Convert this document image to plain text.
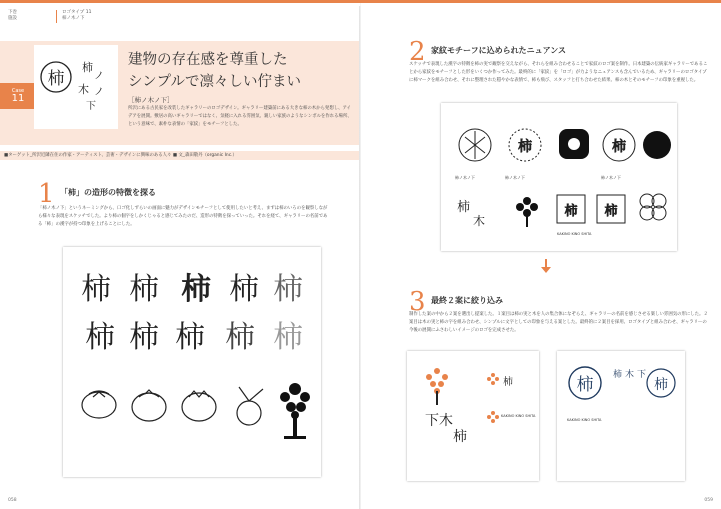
下巻
施設
ロゴタイプ 11
柿ノ木ノ下
Case
11
柿
柿
ノ
木 ノ
下
建物の存在感を尊重した
シンプルで凛々しい佇まい
［柿ノ木ノ下］
所沢にある古民家を改装したギャラリーのロゴデザイン。ギャラリー建築前にある大きな柿の木から発想し、アイデアを展開。敷居の高いギャラリーではなく、気軽に入れる雰囲気、親しい家族のようなシンボルを作れる場所、という意味で、素朴な表情の「家紋」をモチーフとした。
■ターゲット_所沢近隣在住の作家・アーティスト、芸術・デザインに興味のある人々 ■ 文_森田敬丹（organic Inc.）
1 「柿」の造形の特徴を探る
「柿ノ木ノ下」というネーミングから、口ゴ化しずらいの画面に魅力がデザインモチーフとして使用したいと考え、まずは柿のいろのを観察しながら様々な表現をスケッチでした。より柿の個字をしかくじゃると感じてみたのだ、造形の特徴を探っていった。それを経て、ギャラリーの名前である「柿」の漢字が持つ印象を上げることにした。
柿 柿 柿 柿 柿
柿 柿 柿 柿 柿
058
2 家紋モチーフに込められたニュアンス
スケッチで表現した漢字の特徴を柿の実で観察を交えながら、それらを組み合わせることで家紋のロゴ案を制作。日本建築の伝統家ギャラリーであることから家紋をモチーフとした形をいくつか作ってみた。最終的に「家紋」を「ロゴ」が力ようなニュアンスも含んでいるため、ギャラリーのロゴタイプに柿マークを組み合わせ、それに整理された穏やかな表情で、柿も飛び、スタッフと打ち合わせた結果、柿の木とそのモチーフの印象を重視した。
柿	柿
柿ノ木ノ下	柿ノ木ノ下	柿ノ木ノ下
柿
木
柿 柿
KAKINO KINO SHITA
3 最終２案に絞り込み
制作した案の中から２案を選出し提案した。１案目は柿の実と木を人の集合体になぞらえ、ギャラリーの名前を感じさせる楽しい雰囲気の形にした。２案目は木の実と柿の字を組み合わせ、シンプルに文字としての印象を与える案とした。最終的に２案目を採用、ロゴタイプと組み合わせ、ギャラリーの今後の展開にふさわしいイメージのロゴを完成させた。
下 木
柿
柿
KAKINO KINO SHITA
柿 柿 木 下
柿
KAKINO KINO SHITA
059
